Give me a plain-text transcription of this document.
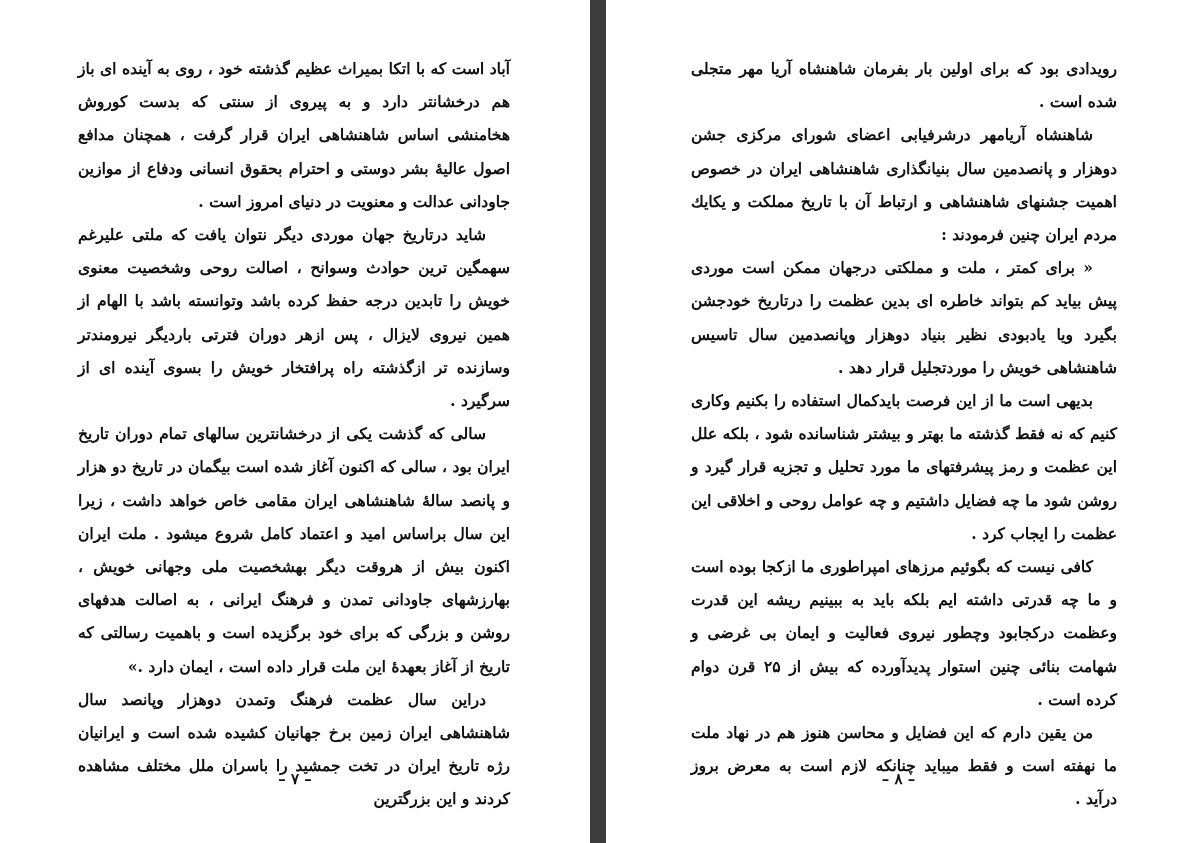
آباد است که با اتکا بمیراث عظیم گذشته خود ، روی به آینده ای باز هم درخشانتر دارد و به پیروی از سنتی که بدست کوروش هخامنشی اساس شاهنشاهی ایران قرار گرفت ، همچنان مدافع اصول عالیهٔ بشر دوستی و احترام بحقوق انسانی ودفاع از موازین جاودانی عدالت و معنویت در دنیای امروز است .

شاید درتاریخ جهان موردی دیگر نتوان یافت که ملتی علیرغم سهمگین ترین حوادث وسوانح ، اصالت روحی وشخصیت معنوی خویش را تابدین درجه حفظ کرده باشد وتوانسته باشد با الهام از همین نیروی لایزال ، پس ازهر دوران فترتی باردیگر نیرومندتر وسازنده تر ازگذشته راه پرافتخار خویش را بسوی آینده ای از سرگیرد .

سالی که گذشت یکی از درخشانترین سالهای تمام دوران تاریخ ایران بود ، سالی که اکنون آغاز شده است بیگمان در تاریخ دو هزار و پانصد سالهٔ شاهنشاهی ایران مقامی خاص خواهد داشت ، زیرا این سال براساس امید و اعتماد کامل شروع میشود . ملت ایران اکنون بیش از هروقت دیگر بهشخصیت ملی وجهانی خویش ، بهارزشهای جاودانی تمدن و فرهنگ ایرانی ، به اصالت هدفهای روشن و بزرگی که برای خود برگزیده است و باهمیت رسالتی که تاریخ از آغاز بعهدهٔ این ملت قرار داده است ، ایمان دارد .»

دراین سال عظمت فرهنگ وتمدن دوهزار وپانصد سال شاهنشاهی ایران زمین برخ جهانیان کشیده شده است و ایرانیان رژه تاریخ ایران در تخت جمشید را باسران ملل مختلف مشاهده کردند و این بزرگترین

– ۷ –

رویدادی بود که برای اولین بار بفرمان شاهنشاه آریا مهر متجلی شده است .

شاهنشاه آریامهر درشرفیابی اعضای شورای مرکزی جشن دوهزار و پانصدمین سال بنیانگذاری شاهنشاهی ایران در خصوص اهمیت جشنهای شاهنشاهی و ارتباط آن با تاریخ مملکت و یکایك مردم ایران چنین فرمودند :

« برای کمتر ، ملت و مملکتی درجهان ممکن است موردی پیش بیاید کم بتواند خاطره ای بدین عظمت را درتاریخ خودجشن بگیرد ویا یادبودی نظیر بنیاد دوهزار وپانصدمین سال تاسیس شاهنشاهی خویش را موردتجلیل قرار دهد .

بدیهی است ما از این فرصت بایدکمال استفاده را بکنیم وکاری کنیم که نه فقط گذشته ما بهتر و بیشتر شناسانده شود ، بلکه علل این عظمت و رمز پیشرفتهای ما مورد تحلیل و تجزیه قرار گیرد و روشن شود ما چه فضایل داشتیم و چه عوامل روحی و اخلاقی این عظمت را ایجاب کرد .

کافی نیست که بگوئیم مرزهای امپراطوری ما ازکجا بوده است و ما چه قدرتی داشته ایم بلکه باید به ببینیم ریشه این قدرت وعظمت درکجابود وچطور نیروی فعالیت و ایمان بی غرضی و شهامت بنائی چنین استوار پدیدآورده که بیش از ۲۵ قرن دوام کرده است .

من یقین دارم که این فضایل و محاسن هنوز هم در نهاد ملت ما نهفته است و فقط میباید چنانکه لازم است به معرض بروز درآید .

– ۸ –
